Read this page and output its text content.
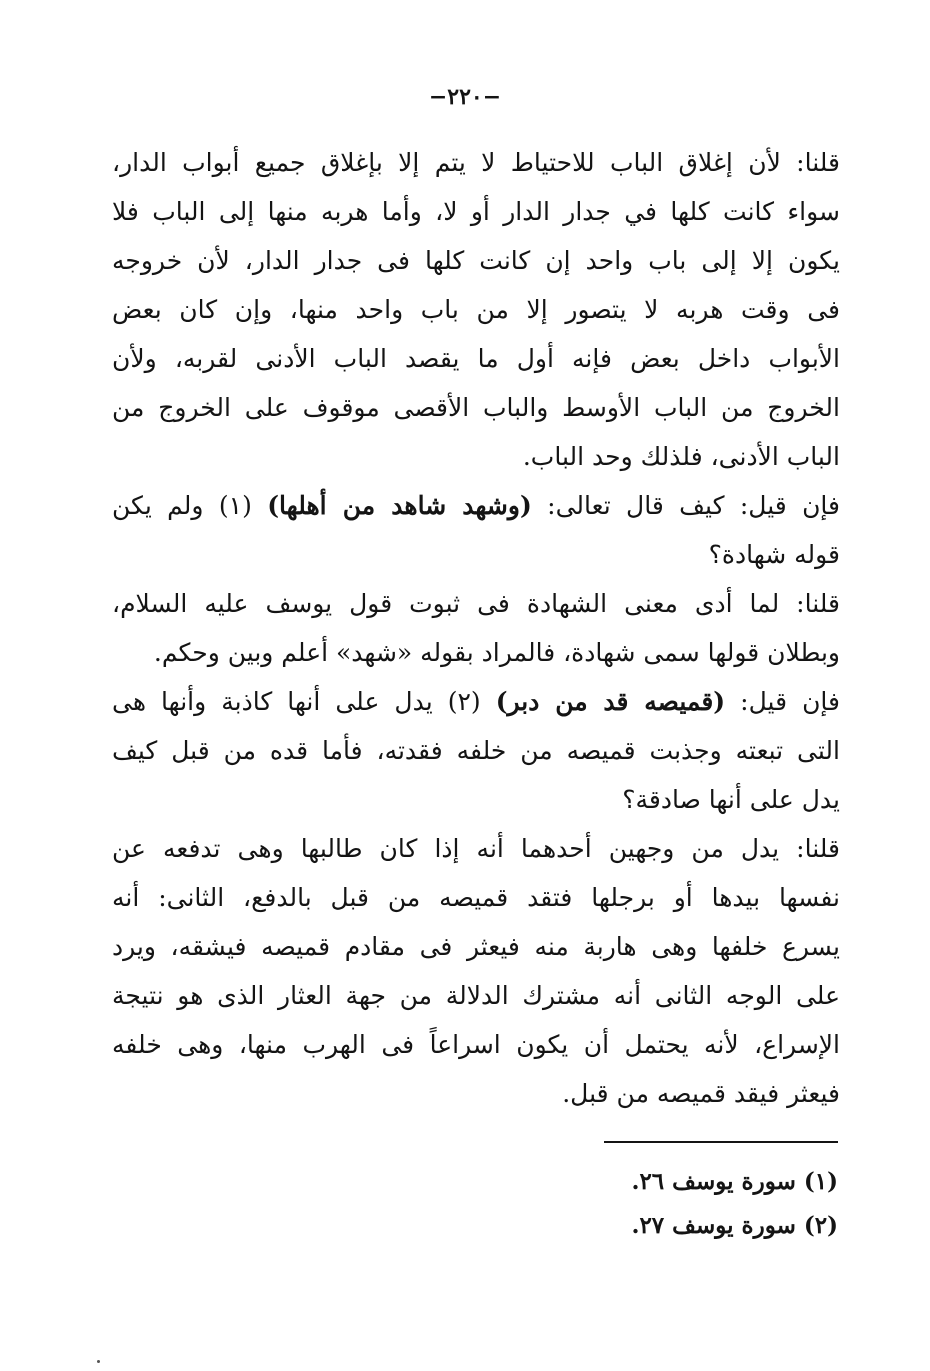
−٢٢٠−
قلنا: لأن إغلاق الباب للاحتياط لا يتم إلا بإغلاق جميع أبواب الدار،
سواء كانت كلها في جدار الدار أو لا، وأما هربه منها إلى الباب فلا
يكون إلا إلى باب واحد إن كانت كلها فى جدار الدار، لأن خروجه
فى وقت هربه لا يتصور إلا من باب واحد منها، وإن كان بعض
الأبواب داخل بعض فإنه أول ما يقصد الباب الأدنى لقربه، ولأن
الخروج من الباب الأوسط والباب الأقصى موقوف على الخروج من
الباب الأدنى، فلذلك وحد الباب.
فإن قيل: كيف قال تعالى: (وشهد شاهد من أهلها) (١) ولم يكن
قوله شهادة؟
قلنا: لما أدى معنى الشهادة فى ثبوت قول يوسف عليه السلام،
وبطلان قولها سمى شهادة، فالمراد بقوله «شهد» أعلم وبين وحكم.
فإن قيل: (قميصه قد من دبر) (٢) يدل على أنها كاذبة وأنها هى
التى تبعته وجذبت قميصه من خلفه فقدته، فأما قده من قبل كيف
يدل على أنها صادقة؟
قلنا: يدل من وجهين أحدهما أنه إذا كان طالبها وهى تدفعه عن
نفسها بيدها أو برجلها فتقد قميصه من قبل بالدفع، الثانى: أنه
يسرع خلفها وهى هاربة منه فيعثر فى مقادم قميصه فيشقه، ويرد
على الوجه الثانى أنه مشترك الدلالة من جهة العثار الذى هو نتيجة
الإسراع، لأنه يحتمل أن يكون اسراعاً فى الهرب منها، وهى خلفه
فيعثر فيقد قميصه من قبل.
(١) سورة يوسف ٢٦.
(٢) سورة يوسف ٢٧.
